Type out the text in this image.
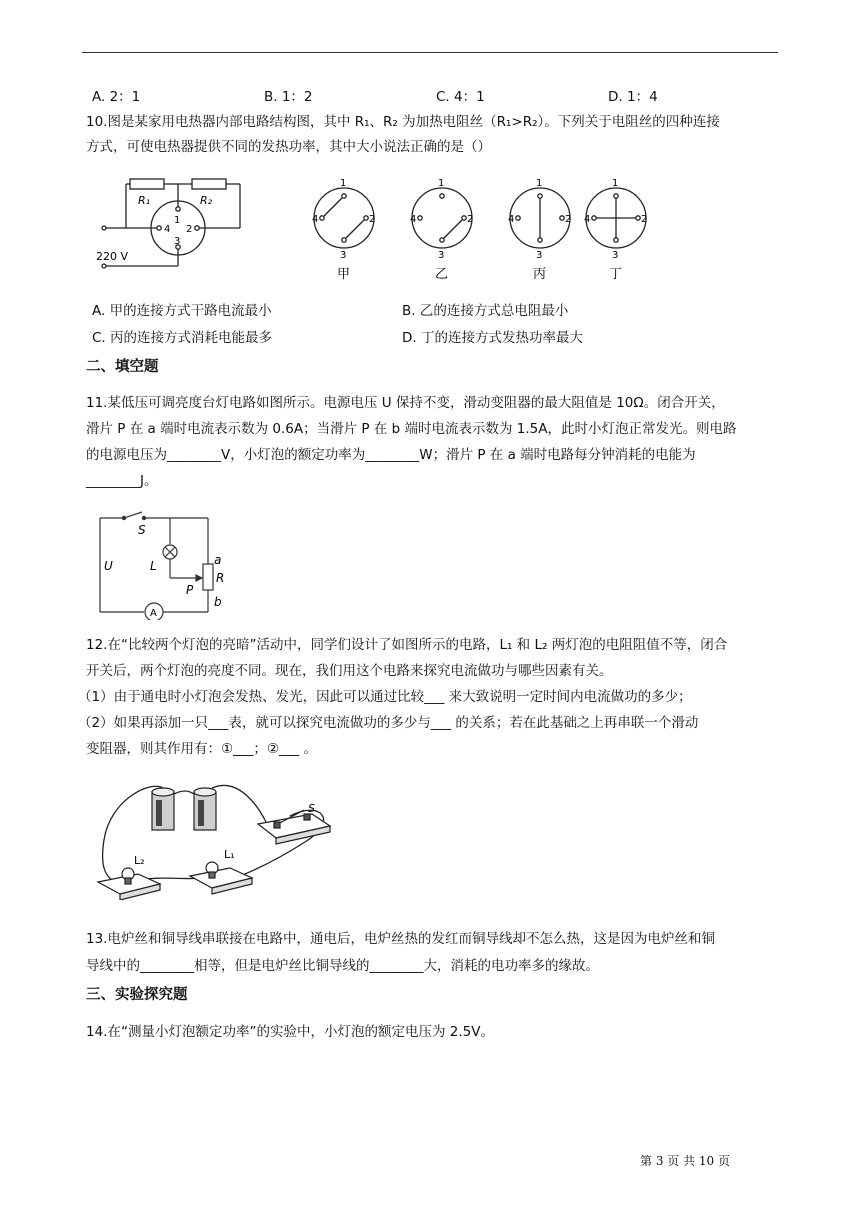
A. 2：1	B. 1：2	C. 4：1	D. 1：4
10.图是某家用电热器内部电路结构图，其中 R₁、R₂ 为加热电阻丝（R₁>R₂）。下列关于电阻丝的四种连接
方式，可使电热器提供不同的发热功率，其中大小说法正确的是（）
R₁	R₂
1
2
3
4
220 V
1
2
3
4
1
2
3
4
1
2
3
4
1
2
3
4
甲	乙	丙	丁
A. 甲的连接方式干路电流最小	B. 乙的连接方式总电阻最小
C. 丙的连接方式消耗电能最多	D. 丁的连接方式发热功率最大
二、填空题
11.某低压可调亮度台灯电路如图所示。电源电压 U 保持不变，滑动变阻器的最大阻值是 10Ω。闭合开关，
滑片 P 在 a 端时电流表示数为 0.6A；当滑片 P 在 b 端时电流表示数为 1.5A，此时小灯泡正常发光。则电路
的电源电压为________V，小灯泡的额定功率为________W；滑片 P 在 a 端时电路每分钟消耗的电能为
________J。
S
L
U	a
R
P
b
A
12.在“比较两个灯泡的亮暗”活动中，同学们设计了如图所示的电路，L₁ 和 L₂ 两灯泡的电阻阻值不等，闭合
开关后，两个灯泡的亮度不同。现在，我们用这个电路来探究电流做功与哪些因素有关。
（1）由于通电时小灯泡会发热、发光，因此可以通过比较___ 来大致说明一定时间内电流做功的多少；
（2）如果再添加一只___表，就可以探究电流做功的多少与___ 的关系；若在此基础之上再串联一个滑动
变阻器，则其作用有：①___；②___ 。
L₂	L₁
S
13.电炉丝和铜导线串联接在电路中，通电后，电炉丝热的发红而铜导线却不怎么热，这是因为电炉丝和铜
导线中的________相等，但是电炉丝比铜导线的________大，消耗的电功率多的缘故。
三、实验探究题
14.在“测量小灯泡额定功率”的实验中，小灯泡的额定电压为 2.5V。
第 3 页 共 10 页
